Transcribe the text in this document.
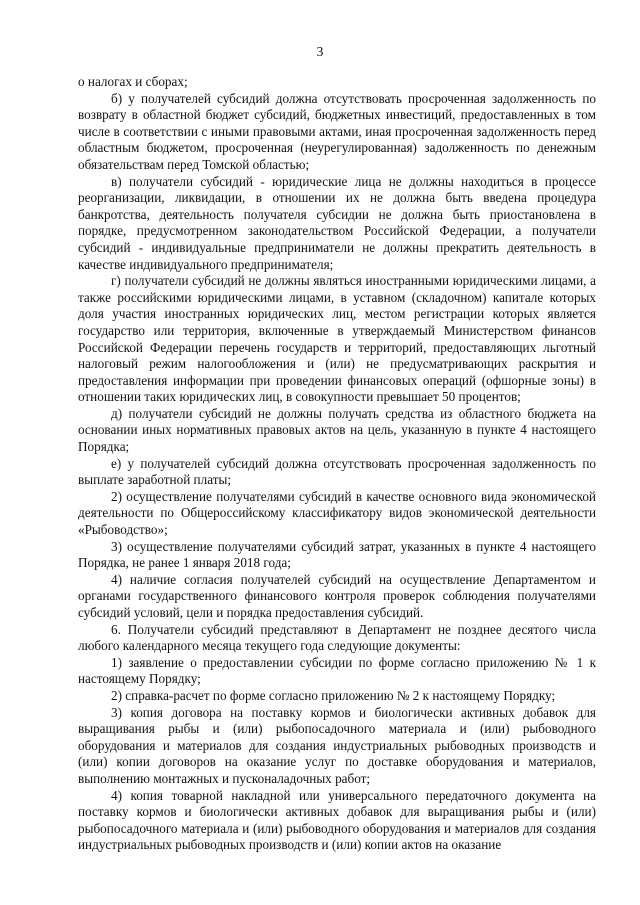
3

о налогах и сборах;

б) у получателей субсидий должна отсутствовать просроченная задолженность по возврату в областной бюджет субсидий, бюджетных инвестиций, предоставленных в том числе в соответствии с иными правовыми актами, иная просроченная задолженность перед областным бюджетом, просроченная (неурегулированная) задолженность по денежным обязательствам перед Томской областью;

в) получатели субсидий - юридические лица не должны находиться в процессе реорганизации, ликвидации, в отношении их не должна быть введена процедура банкротства, деятельность получателя субсидии не должна быть приостановлена в порядке, предусмотренном законодательством Российской Федерации, а получатели субсидий - индивидуальные предприниматели не должны прекратить деятельность в качестве индивидуального предпринимателя;

г) получатели субсидий не должны являться иностранными юридическими лицами, а также российскими юридическими лицами, в уставном (складочном) капитале которых доля участия иностранных юридических лиц, местом регистрации которых является государство или территория, включенные в утверждаемый Министерством финансов Российской Федерации перечень государств и территорий, предоставляющих льготный налоговый режим налогообложения и (или) не предусматривающих раскрытия и предоставления информации при проведении финансовых операций (офшорные зоны) в отношении таких юридических лиц, в совокупности превышает 50 процентов;

д) получатели субсидий не должны получать средства из областного бюджета на основании иных нормативных правовых актов на цель, указанную в пункте 4 настоящего Порядка;

е) у получателей субсидий должна отсутствовать просроченная задолженность по выплате заработной платы;

2) осуществление получателями субсидий в качестве основного вида экономической деятельности по Общероссийскому классификатору видов экономической деятельности «Рыбоводство»;

3) осуществление получателями субсидий затрат, указанных в пункте 4 настоящего Порядка, не ранее 1 января 2018 года;

4) наличие согласия получателей субсидий на осуществление Департаментом и органами государственного финансового контроля проверок соблюдения получателями субсидий условий, цели и порядка предоставления субсидий.

6. Получатели субсидий представляют в Департамент не позднее десятого числа любого календарного месяца текущего года следующие документы:

1) заявление о предоставлении субсидии по форме согласно приложению № 1 к настоящему Порядку;

2) справка-расчет по форме согласно приложению № 2 к настоящему Порядку;

3) копия договора на поставку кормов и биологически активных добавок для выращивания рыбы и (или) рыбопосадочного материала и (или) рыбоводного оборудования и материалов для создания индустриальных рыбоводных производств и (или) копии договоров на оказание услуг по доставке оборудования и материалов, выполнению монтажных и пусконаладочных работ;

4) копия товарной накладной или универсального передаточного документа на поставку кормов и биологически активных добавок для выращивания рыбы и (или) рыбопосадочного материала и (или) рыбоводного оборудования и материалов для создания индустриальных рыбоводных производств и (или) копии актов на оказание
